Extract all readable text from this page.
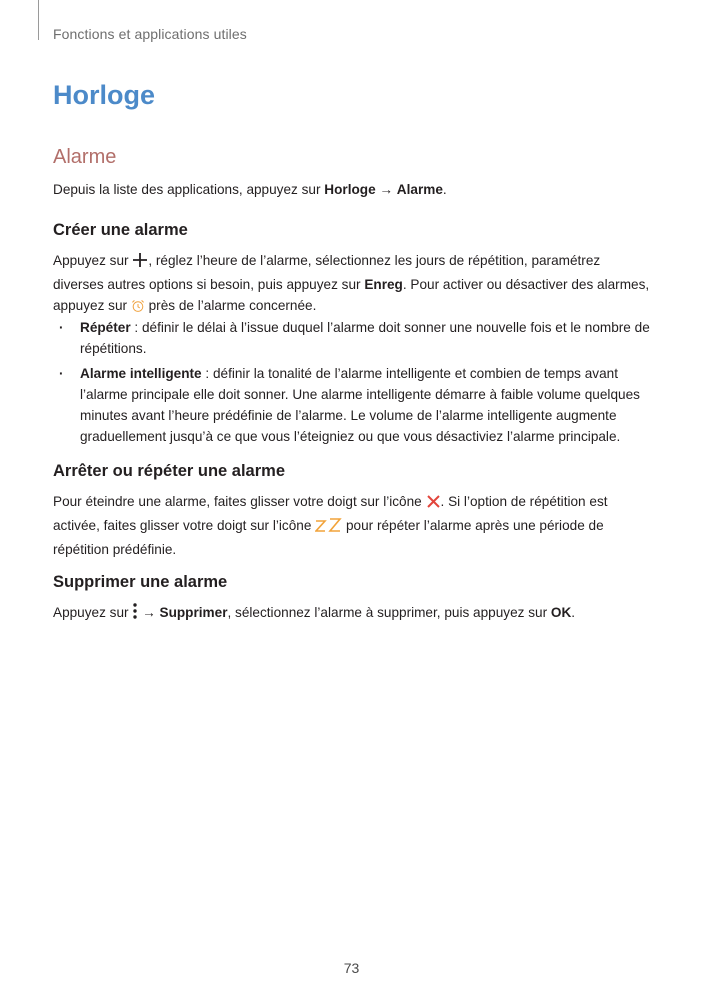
Fonctions et applications utiles
Horloge
Alarme

Depuis la liste des applications, appuyez sur Horloge → Alarme.

Créer une alarme

Appuyez sur , réglez l’heure de l’alarme, sélectionnez les jours de répétition, paramétrez diverses autres options si besoin, puis appuyez sur Enreg. Pour activer ou désactiver des alarmes, appuyez sur  près de l’alarme concernée.

· Répéter : définir le délai à l’issue duquel l’alarme doit sonner une nouvelle fois et le nombre de répétitions.
· Alarme intelligente : définir la tonalité de l’alarme intelligente et combien de temps avant l’alarme principale elle doit sonner. Une alarme intelligente démarre à faible volume quelques minutes avant l’heure prédéfinie de l’alarme. Le volume de l’alarme intelligente augmente graduellement jusqu’à ce que vous l’éteigniez ou que vous désactiviez l’alarme principale.
Arrêter ou répéter une alarme

Pour éteindre une alarme, faites glisser votre doigt sur l’icône . Si l’option de répétition est activée, faites glisser votre doigt sur l’icône  pour répéter l’alarme après une période de répétition prédéfinie.

Supprimer une alarme

Appuyez sur  → Supprimer, sélectionnez l’alarme à supprimer, puis appuyez sur OK.

73
